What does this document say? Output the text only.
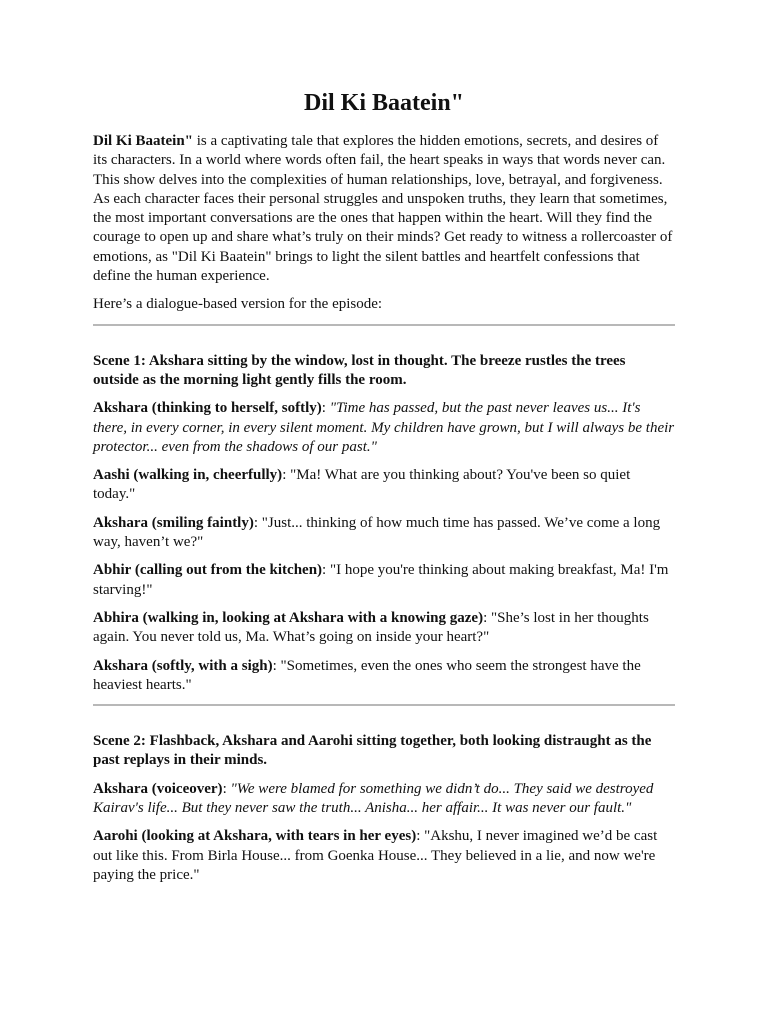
Dil Ki Baatein"

Dil Ki Baatein" is a captivating tale that explores the hidden emotions, secrets, and desires of its characters. In a world where words often fail, the heart speaks in ways that words never can. This show delves into the complexities of human relationships, love, betrayal, and forgiveness. As each character faces their personal struggles and unspoken truths, they learn that sometimes, the most important conversations are the ones that happen within the heart. Will they find the courage to open up and share what’s truly on their minds? Get ready to witness a rollercoaster of emotions, as "Dil Ki Baatein" brings to light the silent battles and heartfelt confessions that define the human experience.

Here’s a dialogue-based version for the episode:

Scene 1: Akshara sitting by the window, lost in thought. The breeze rustles the trees outside as the morning light gently fills the room.

Akshara (thinking to herself, softly): "Time has passed, but the past never leaves us... It's there, in every corner, in every silent moment. My children have grown, but I will always be their protector... even from the shadows of our past."

Aashi (walking in, cheerfully): "Ma! What are you thinking about? You've been so quiet today."

Akshara (smiling faintly): "Just... thinking of how much time has passed. We’ve come a long way, haven’t we?"

Abhir (calling out from the kitchen): "I hope you're thinking about making breakfast, Ma! I'm starving!"

Abhira (walking in, looking at Akshara with a knowing gaze): "She’s lost in her thoughts again. You never told us, Ma. What’s going on inside your heart?"

Akshara (softly, with a sigh): "Sometimes, even the ones who seem the strongest have the heaviest hearts."

Scene 2: Flashback, Akshara and Aarohi sitting together, both looking distraught as the past replays in their minds.

Akshara (voiceover): "We were blamed for something we didn’t do... They said we destroyed Kairav's life... But they never saw the truth... Anisha... her affair... It was never our fault."

Aarohi (looking at Akshara, with tears in her eyes): "Akshu, I never imagined we’d be cast out like this. From Birla House... from Goenka House... They believed in a lie, and now we're paying the price."
